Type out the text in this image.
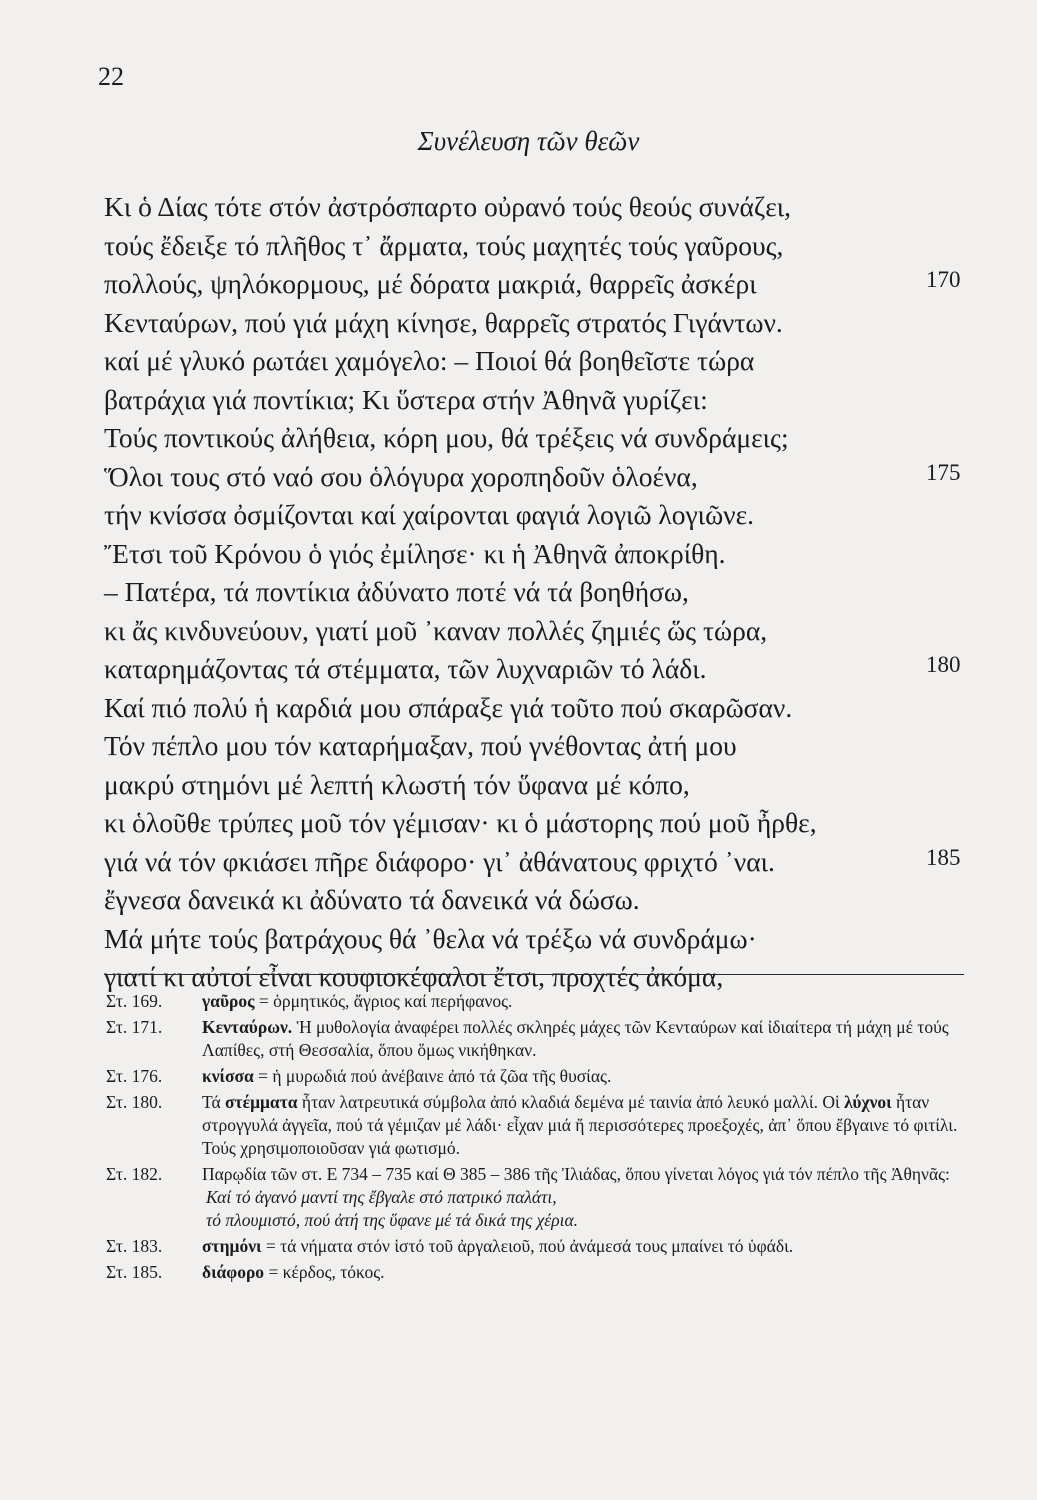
22
Συνέλευση τῶν θεῶν
Κι ὁ Δίας τότε στόν ἀστρόσπαρτο οὐρανό τούς θεούς συνάζει,
τούς ἔδειξε τό πλῆθος τ᾽ ἄρματα, τούς μαχητές τούς γαῦρους,
πολλούς, ψηλόκορμους, μέ δόρατα μακριά, θαρρεῖς ἀσκέρι	170
Κενταύρων, πού γιά μάχη κίνησε, θαρρεῖς στρατός Γιγάντων.
καί μέ γλυκό ρωτάει χαμόγελο: – Ποιοί θά βοηθεῖστε τώρα
βατράχια γιά ποντίκια; Κι ὕστερα στήν Ἀθηνᾶ γυρίζει:
Τούς ποντικούς ἀλήθεια, κόρη μου, θά τρέξεις νά συνδράμεις;
Ὅλοι τους στό ναό σου ὁλόγυρα χοροπηδοῦν ὁλοένα,	175
τήν κνίσσα ὀσμίζονται καί χαίρονται φαγιά λογιῶ λογιῶνε.
Ἔτσι τοῦ Κρόνου ὁ γιός ἐμίλησε· κι ἡ Ἀθηνᾶ ἀποκρίθη.
– Πατέρα, τά ποντίκια ἀδύνατο ποτέ νά τά βοηθήσω,
κι ἄς κινδυνεύουν, γιατί μοῦ ᾽καναν πολλές ζημιές ὥς τώρα,
καταρημάζοντας τά στέμματα, τῶν λυχναριῶν τό λάδι.	180
Καί πιό πολύ ἡ καρδιά μου σπάραξε γιά τοῦτο πού σκαρῶσαν.
Τόν πέπλο μου τόν καταρήμαξαν, πού γνέθοντας ἀτή μου
μακρύ στημόνι μέ λεπτή κλωστή τόν ὕφανα μέ κόπο,
κι ὁλοῦθε τρύπες μοῦ τόν γέμισαν· κι ὁ μάστορης πού μοῦ ἦρθε,
γιά νά τόν φκιάσει πῆρε διάφορο· γι᾽ ἀθάνατους φριχτό ᾽ναι.	185
ἔγνεσα δανεικά κι ἀδύνατο τά δανεικά νά δώσω.
Μά μήτε τούς βατράχους θά ᾽θελα νά τρέξω νά συνδράμω·
γιατί κι αὐτοί εἶναι κουφιοκέφαλοι ἔτσι, προχτές ἀκόμα,
Στ. 169. γαῦρος = ὁρμητικός, ἄγριος καί περήφανος.
Στ. 171. Κενταύρων. Ἡ μυθολογία ἀναφέρει πολλές σκληρές μάχες τῶν Κενταύρων καί ἰδιαίτερα τή μάχη μέ τούς Λαπίθες, στή Θεσσαλία, ὅπου ὅμως νικήθηκαν.
Στ. 176. κνίσσα = ἡ μυρωδιά πού ἀνέβαινε ἀπό τά ζῶα τῆς θυσίας.
Στ. 180. Τά στέμματα ἦταν λατρευτικά σύμβολα ἀπό κλαδιά δεμένα μέ ταινία ἀπό λευκό μαλλί. Οἱ λύχνοι ἦταν στρογγυλά ἀγγεῖα, πού τά γέμιζαν μέ λάδι· εἶχαν μιά ἤ περισσότερες προεξοχές, ἀπ᾽ ὅπου ἔβγαινε τό φιτίλι. Τούς χρησιμοποιοῦσαν γιά φωτισμό.
Στ. 182. Παρῳδία τῶν στ. Ε 734 – 735 καί Θ 385 – 386 τῆς Ἰλιάδας, ὅπου γίνεται λόγος γιά τόν πέπλο τῆς Ἀθηνᾶς:
Καί τό ἀγανό μαντί της ἔβγαλε στό πατρικό παλάτι,
τό πλουμιστό, πού ἀτή της ὕφανε μέ τά δικά της χέρια.
Στ. 183. στημόνι = τά νήματα στόν ἱστό τοῦ ἀργαλειοῦ, πού ἀνάμεσά τους μπαίνει τό ὑφάδι.
Στ. 185. διάφορο = κέρδος, τόκος.
